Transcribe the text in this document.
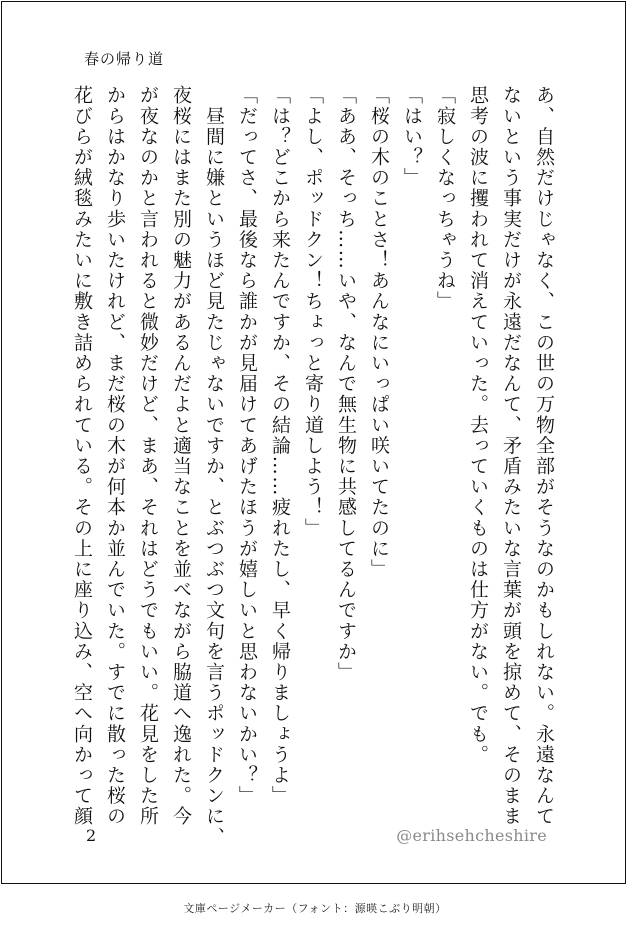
春の帰り道
あ、自然だけじゃなく、この世の万物全部がそうなのかもしれない。永遠なんて
ないという事実だけが永遠だなんて、矛盾みたいな言葉が頭を掠めて、そのまま
思考の波に攫われて消えていった。去っていくものは仕方がない。でも。
「寂しくなっちゃうね」
「はい？」
「桜の木のことさ！あんなにいっぱい咲いてたのに」
「ああ、そっち……いや、なんで無生物に共感してるんですか」
「よし、ポッドクン！ちょっと寄り道しよう！」
「は？どこから来たんですか、その結論……疲れたし、早く帰りましょうよ」
「だってさ、最後なら誰かが見届けてあげたほうが嬉しいと思わないかい？」
　昼間に嫌というほど見たじゃないですか、とぶつぶつ文句を言うポッドクンに、
夜桜にはまた別の魅力があるんだよと適当なことを並べながら脇道へ逸れた。今
が夜なのかと言われると微妙だけど、まあ、それはどうでもいい。花見をした所
からはかなり歩いたけれど、まだ桜の木が何本か並んでいた。すでに散った桜の
花びらが絨毯みたいに敷き詰められている。その上に座り込み、空へ向かって顔
2	@erihsehcheshire
文庫ページメーカー（フォント：源暎こぶり明朝）
